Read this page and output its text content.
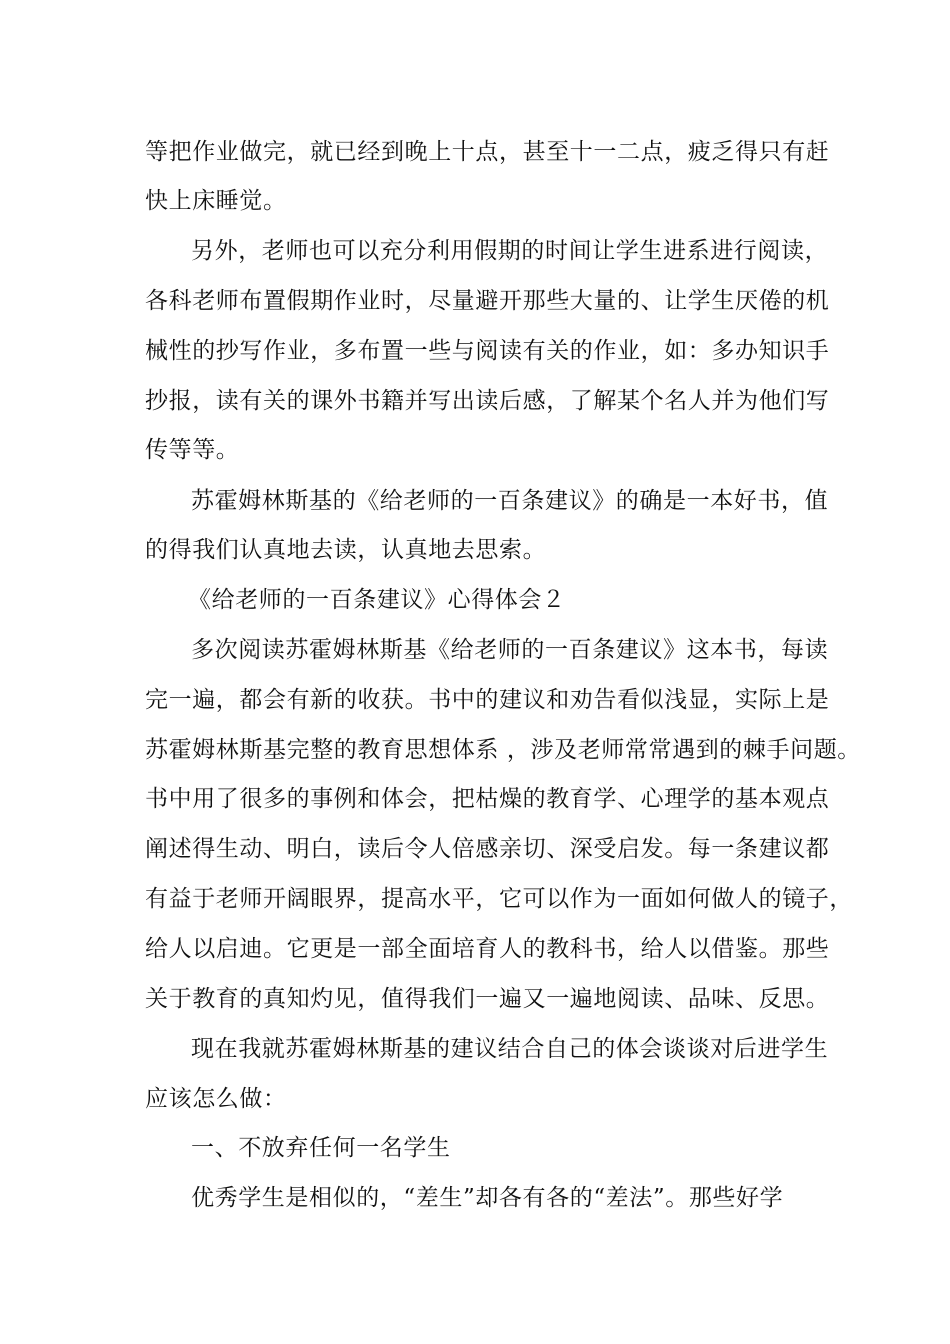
等把作业做完，就已经到晚上十点，甚至十一二点，疲乏得只有赶
快上床睡觉。
另外，老师也可以充分利用假期的时间让学生进系进行阅读，
各科老师布置假期作业时，尽量避开那些大量的、让学生厌倦的机
械性的抄写作业，多布置一些与阅读有关的作业，如：多办知识手
抄报，读有关的课外书籍并写出读后感，了解某个名人并为他们写
传等等。
苏霍姆林斯基的《给老师的一百条建议》的确是一本好书，值
的得我们认真地去读，认真地去思索。
《给老师的一百条建议》心得体会２
多次阅读苏霍姆林斯基《给老师的一百条建议》这本书，每读
完一遍，都会有新的收获。书中的建议和劝告看似浅显，实际上是
苏霍姆林斯基完整的教育思想体系 ，涉及老师常常遇到的棘手问题。
书中用了很多的事例和体会，把枯燥的教育学、心理学的基本观点
阐述得生动、明白，读后令人倍感亲切、深受启发。每一条建议都
有益于老师开阔眼界，提高水平，它可以作为一面如何做人的镜子，
给人以启迪。它更是一部全面培育人的教科书，给人以借鉴。那些
关于教育的真知灼见，值得我们一遍又一遍地阅读、品味、反思。
现在我就苏霍姆林斯基的建议结合自己的体会谈谈对后进学生
应该怎么做：
一、不放弃任何一名学生
优秀学生是相似的，“差生”却各有各的“差法”。那些好学
